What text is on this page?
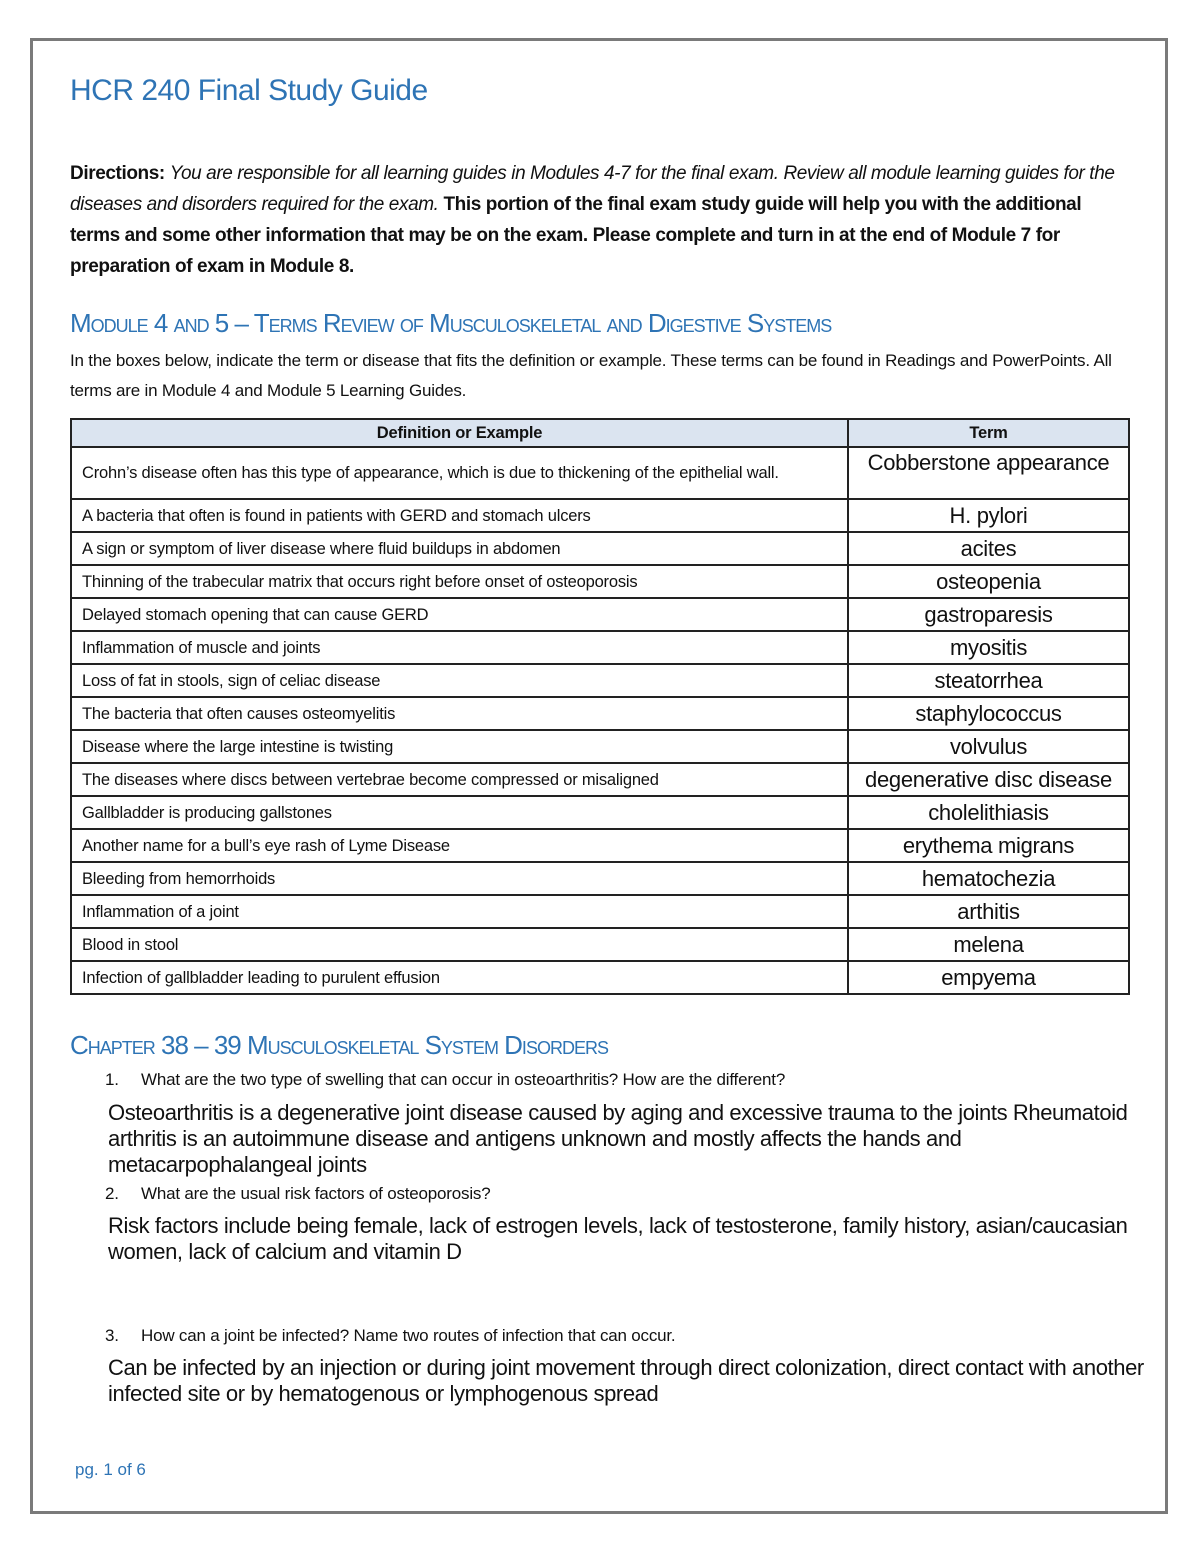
HCR 240 Final Study Guide
Directions: You are responsible for all learning guides in Modules 4-7 for the final exam. Review all module learning guides for the diseases and disorders required for the exam. This portion of the final exam study guide will help you with the additional terms and some other information that may be on the exam. Please complete and turn in at the end of Module 7 for preparation of exam in Module 8.
Module 4 and 5 – Terms Review of Musculoskeletal and Digestive Systems
In the boxes below, indicate the term or disease that fits the definition or example. These terms can be found in Readings and PowerPoints. All terms are in Module 4 and Module 5 Learning Guides.
Definition or Example	Term
Crohn’s disease often has this type of appearance, which is due to thickening of the epithelial wall.	Cobberstone appearance
A bacteria that often is found in patients with GERD and stomach ulcers	H. pylori
A sign or symptom of liver disease where fluid buildups in abdomen	acites
Thinning of the trabecular matrix that occurs right before onset of osteoporosis	osteopenia
Delayed stomach opening that can cause GERD	gastroparesis
Inflammation of muscle and joints	myositis
Loss of fat in stools, sign of celiac disease	steatorrhea
The bacteria that often causes osteomyelitis	staphylococcus
Disease where the large intestine is twisting	volvulus
The diseases where discs between vertebrae become compressed or misaligned	degenerative disc disease
Gallbladder is producing gallstones	cholelithiasis
Another name for a bull’s eye rash of Lyme Disease	erythema migrans
Bleeding from hemorrhoids	hematochezia
Inflammation of a joint	arthitis
Blood in stool	melena
Infection of gallbladder leading to purulent effusion	empyema
Chapter 38 – 39 Musculoskeletal System Disorders
1. What are the two type of swelling that can occur in osteoarthritis? How are the different?
Osteoarthritis is a degenerative joint disease caused by aging and excessive trauma to the joints Rheumatoid arthritis is an autoimmune disease and antigens unknown and mostly affects the hands and metacarpophalangeal joints
2. What are the usual risk factors of osteoporosis?
Risk factors include being female, lack of estrogen levels, lack of testosterone, family history, asian/caucasian women, lack of calcium and vitamin D
3. How can a joint be infected? Name two routes of infection that can occur.
Can be infected by an injection or during joint movement through direct colonization, direct contact with another infected site or by hematogenous or lymphogenous spread
pg. 1 of 6
